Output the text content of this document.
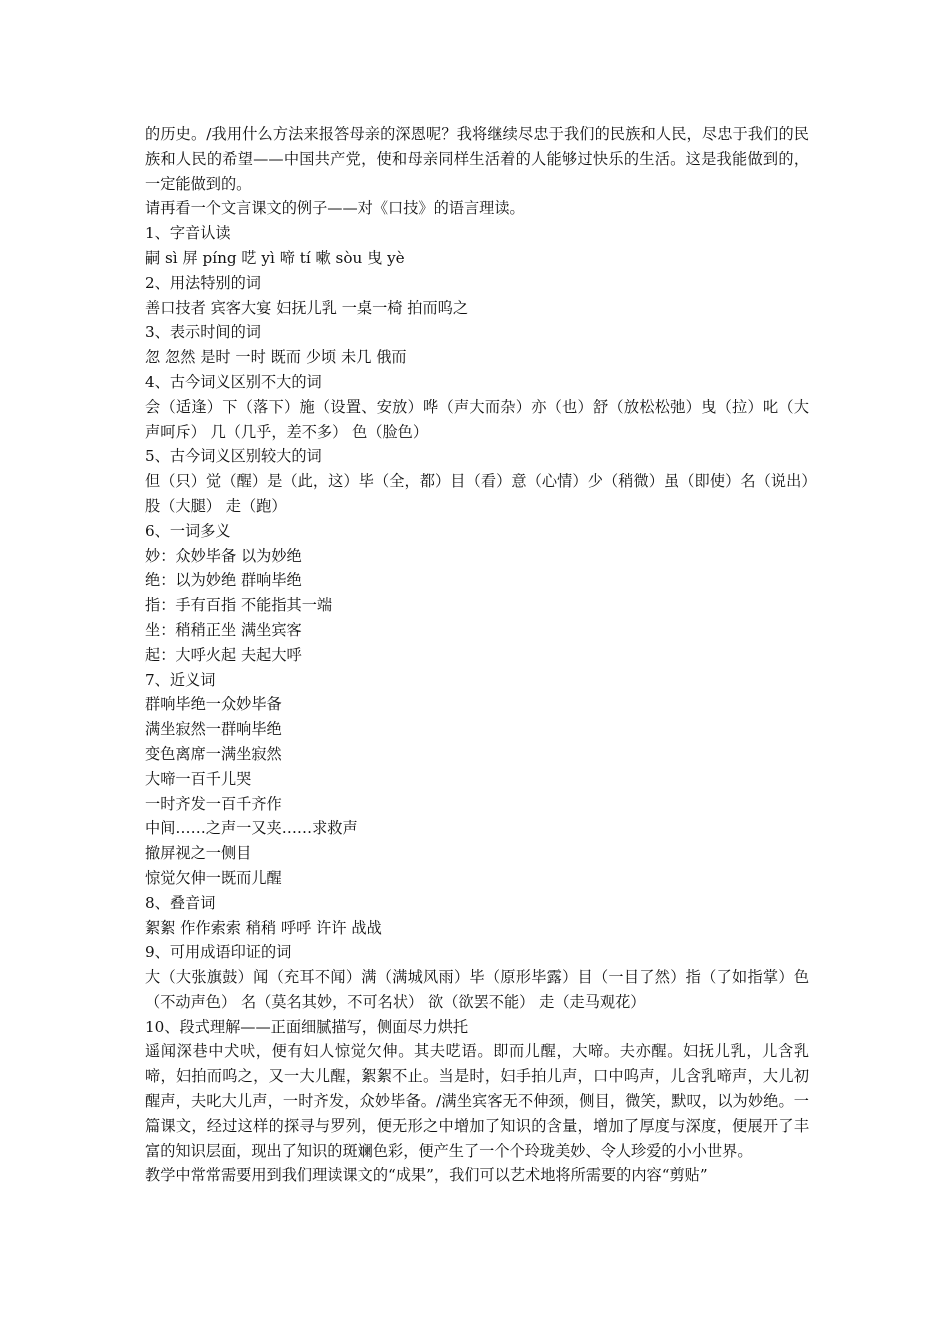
的历史。/我用什么方法来报答母亲的深恩呢？我将继续尽忠于我们的民族和人民，尽忠于我们的民族和人民的希望——中国共产党，使和母亲同样生活着的人能够过快乐的生活。这是我能做到的，一定能做到的。

请再看一个文言课文的例子——对《口技》的语言理读。

1、字音认读

嗣 sì 屏 píng 呓 yì 啼 tí 嗽 sòu 曳 yè

2、用法特别的词

善口技者 宾客大宴 妇抚儿乳 一桌一椅 拍而呜之

3、表示时间的词

忽 忽然 是时 一时 既而 少顷 未几 俄而

4、古今词义区别不大的词

会（适逢）下（落下）施（设置、安放）哗（声大而杂）亦（也）舒（放松松弛）曳（拉）叱（大声呵斥） 几（几乎，差不多） 色（脸色）

5、古今词义区别较大的词

但（只）觉（醒）是（此，这）毕（全，都）目（看）意（心情）少（稍微）虽（即使）名（说出）股（大腿） 走（跑）

6、一词多义

妙：众妙毕备 以为妙绝

绝：以为妙绝 群响毕绝

指：手有百指 不能指其一端

坐：稍稍正坐 满坐宾客

起：大呼火起 夫起大呼

7、近义词

群响毕绝一众妙毕备

满坐寂然一群响毕绝

变色离席一满坐寂然

大啼一百千儿哭

一时齐发一百千齐作

中间……之声一又夹……求救声

撤屏视之一侧目

惊觉欠伸一既而儿醒

8、叠音词

絮絮 作作索索 稍稍 呼呼 许许 战战

9、可用成语印证的词

大（大张旗鼓）闻（充耳不闻）满（满城风雨）毕（原形毕露）目（一目了然）指（了如指掌）色（不动声色） 名（莫名其妙，不可名状） 欲（欲罢不能） 走（走马观花）

10、段式理解——正面细腻描写，侧面尽力烘托

遥闻深巷中犬吠，便有妇人惊觉欠伸。其夫呓语。即而儿醒，大啼。夫亦醒。妇抚儿乳，儿含乳啼，妇拍而呜之，又一大儿醒，絮絮不止。当是时，妇手拍儿声，口中呜声，儿含乳啼声，大儿初醒声，夫叱大儿声，一时齐发，众妙毕备。/满坐宾客无不伸颈，侧目，微笑，默叹，以为妙绝。一篇课文，经过这样的探寻与罗列，便无形之中增加了知识的含量，增加了厚度与深度，便展开了丰富的知识层面，现出了知识的斑斓色彩，便产生了一个个玲珑美妙、令人珍爱的小小世界。

教学中常常需要用到我们理读课文的“成果”，我们可以艺术地将所需要的内容“剪贴”
